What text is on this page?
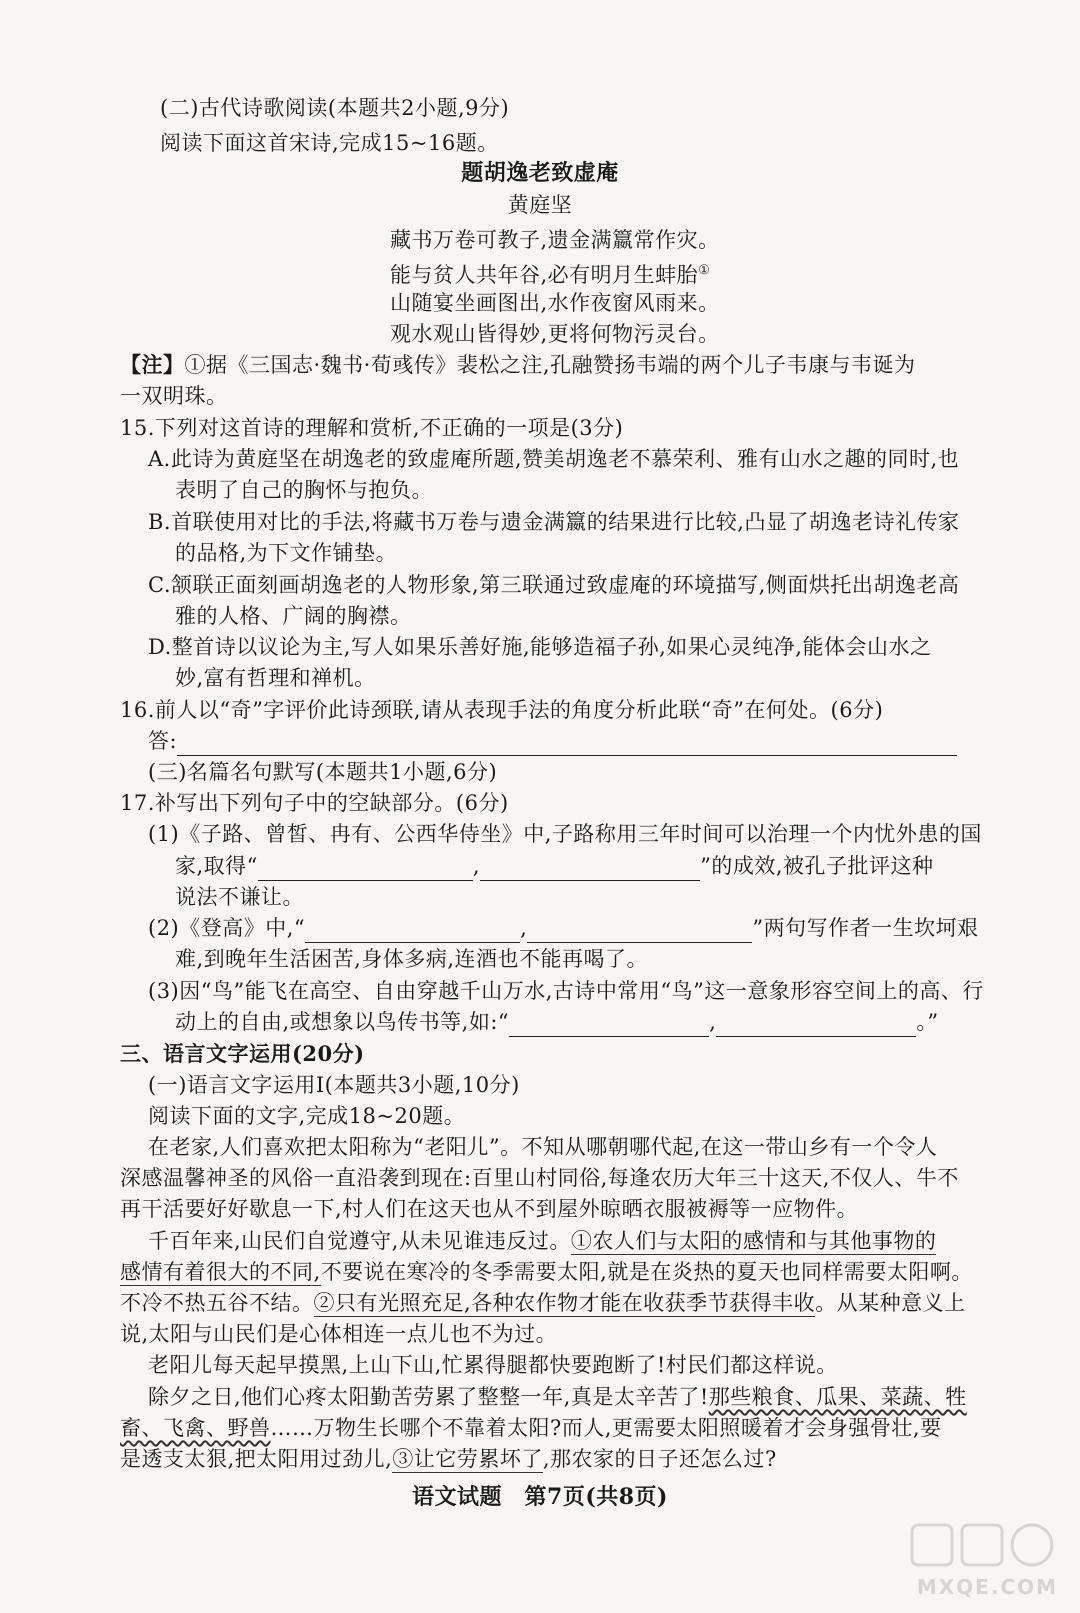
(二)古代诗歌阅读(本题共2小题,9分)
阅读下面这首宋诗,完成15~16题。
题胡逸老致虚庵
黄庭坚
藏书万卷可教子,遗金满籝常作灾。
能与贫人共年谷,必有明月生蚌胎①
山随宴坐画图出,水作夜窗风雨来。
观水观山皆得妙,更将何物污灵台。
【注】①据《三国志·魏书·荀彧传》裴松之注,孔融赞扬韦端的两个儿子韦康与韦诞为
一双明珠。
15.下列对这首诗的理解和赏析,不正确的一项是(3分)
A.此诗为黄庭坚在胡逸老的致虚庵所题,赞美胡逸老不慕荣利、雅有山水之趣的同时,也
表明了自己的胸怀与抱负。
B.首联使用对比的手法,将藏书万卷与遗金满籝的结果进行比较,凸显了胡逸老诗礼传家
的品格,为下文作铺垫。
C.颔联正面刻画胡逸老的人物形象,第三联通过致虚庵的环境描写,侧面烘托出胡逸老高
雅的人格、广阔的胸襟。
D.整首诗以议论为主,写人如果乐善好施,能够造福子孙,如果心灵纯净,能体会山水之
妙,富有哲理和禅机。
16.前人以“奇”字评价此诗颈联,请从表现手法的角度分析此联“奇”在何处。(6分)
答:
(三)名篇名句默写(本题共1小题,6分)
17.补写出下列句子中的空缺部分。(6分)
(1)《子路、曾皙、冉有、公西华侍坐》中,子路称用三年时间可以治理一个内忧外患的国
家,取得“	,	”的成效,被孔子批评这种
说法不谦让。
(2)《登高》中,“	,	”两句写作者一生坎坷艰
难,到晚年生活困苦,身体多病,连酒也不能再喝了。
(3)因“鸟”能飞在高空、自由穿越千山万水,古诗中常用“鸟”这一意象形容空间上的高、行
动上的自由,或想象以鸟传书等,如:“	,	。”
三、语言文字运用(20分)
(一)语言文字运用Ⅰ(本题共3小题,10分)
阅读下面的文字,完成18~20题。
在老家,人们喜欢把太阳称为“老阳儿”。不知从哪朝哪代起,在这一带山乡有一个令人
深感温馨神圣的风俗一直沿袭到现在:百里山村同俗,每逢农历大年三十这天,不仅人、牛不
再干活要好好歇息一下,村人们在这天也从不到屋外晾晒衣服被褥等一应物件。
千百年来,山民们自觉遵守,从未见谁违反过。①农人们与太阳的感情和与其他事物的
感情有着很大的不同,不要说在寒冷的冬季需要太阳,就是在炎热的夏天也同样需要太阳啊。
不冷不热五谷不结。②只有光照充足,各种农作物才能在收获季节获得丰收。从某种意义上
说,太阳与山民们是心体相连一点儿也不为过。
老阳儿每天起早摸黑,上山下山,忙累得腿都快要跑断了!村民们都这样说。
除夕之日,他们心疼太阳勤苦劳累了整整一年,真是太辛苦了!那些粮食、瓜果、菜蔬、牲
畜、飞禽、野兽……万物生长哪个不靠着太阳?而人,更需要太阳照暖着才会身强骨壮,要
是透支太狠,把太阳用过劲儿,③让它劳累坏了,那农家的日子还怎么过?
语文试题　第7页(共8页)
MXQE.COM
